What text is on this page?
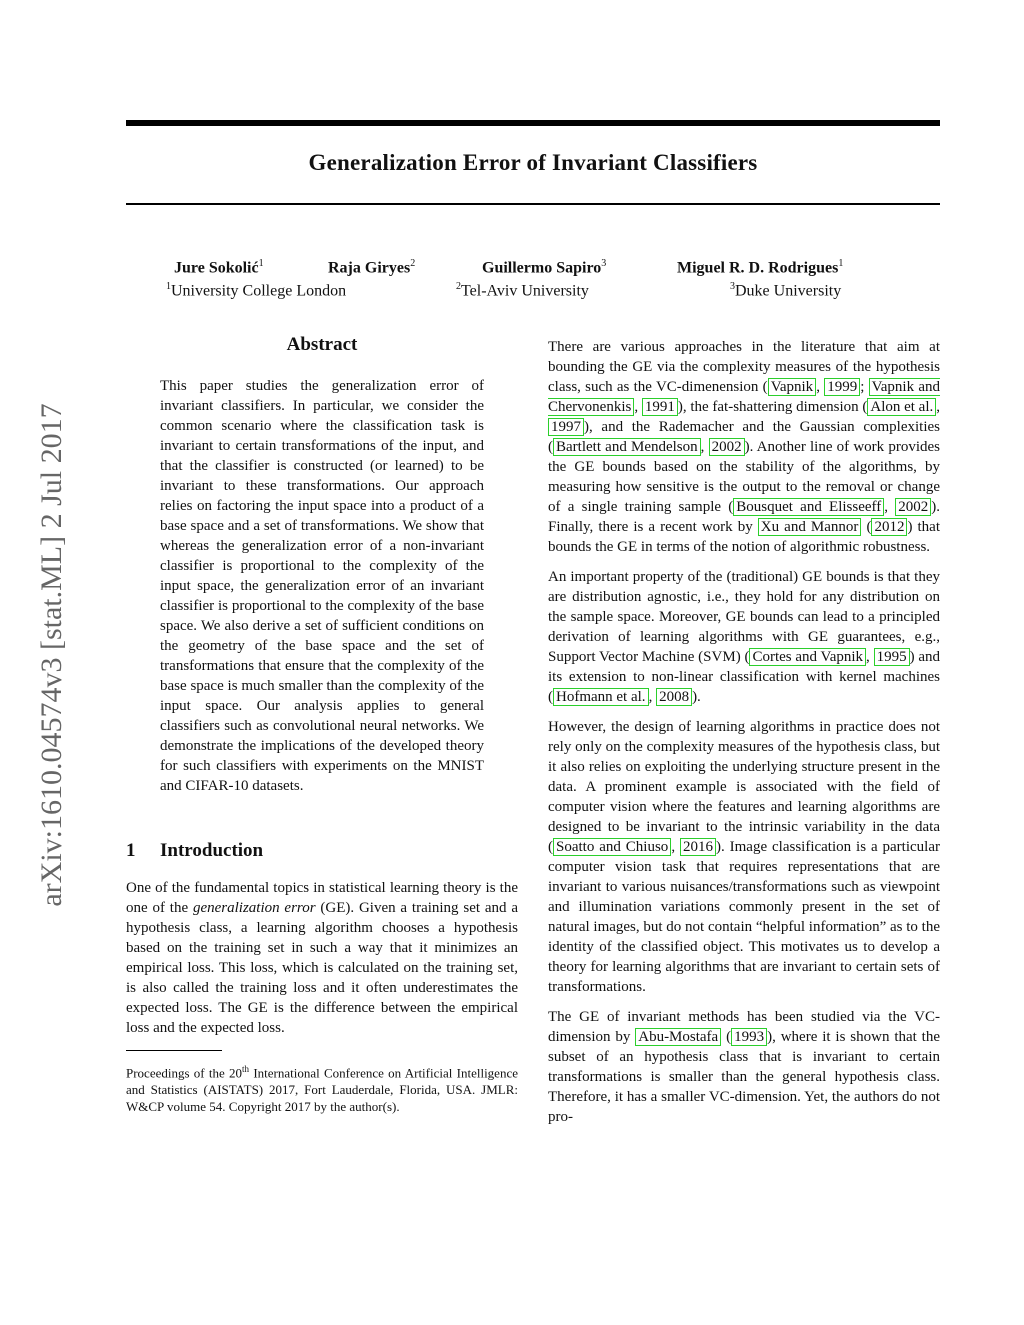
Generalization Error of Invariant Classifiers
arXiv:1610.04574v3 [stat.ML] 2 Jul 2017
Jure Sokolić$^1$	Raja Giryes$^2$	Guillermo Sapiro$^3$	Miguel R. D. Rodrigues$^1$
$^1$University College London	$^2$Tel-Aviv University	$^3$Duke University
Abstract
This paper studies the generalization error of invariant classifiers. In particular, we consider the common scenario where the classification task is invariant to certain transformations of the input, and that the classifier is constructed (or learned) to be invariant to these transformations. Our approach relies on factoring the input space into a product of a base space and a set of transformations. We show that whereas the generalization error of a non-invariant classifier is proportional to the complexity of the input space, the generalization error of an invariant classifier is proportional to the complexity of the base space. We also derive a set of sufficient conditions on the geometry of the base space and the set of transformations that ensure that the complexity of the base space is much smaller than the complexity of the input space. Our analysis applies to general classifiers such as convolutional neural networks. We demonstrate the implications of the developed theory for such classifiers with experiments on the MNIST and CIFAR-10 datasets.
1 Introduction

One of the fundamental topics in statistical learning theory is the one of the generalization error (GE). Given a training set and a hypothesis class, a learning algorithm chooses a hypothesis based on the training set in such a way that it minimizes an empirical loss. This loss, which is calculated on the training set, is also called the training loss and it often underestimates the expected loss. The GE is the difference between the empirical loss and the expected loss.

Proceedings of the 20th International Conference on Artificial Intelligence and Statistics (AISTATS) 2017, Fort Lauderdale, Florida, USA. JMLR: W&CP volume 54. Copyright 2017 by the author(s).

There are various approaches in the literature that aim at bounding the GE via the complexity measures of the hypothesis class, such as the VC-dimenension ( Vapnik , 1999 ; Vapnik and Chervonenkis , 1991 ), the fat-shattering dimension ( Alon et al. , 1997 ), and the Rademacher and the Gaussian complexities ( Bartlett and Mendelson , 2002 ). Another line of work provides the GE bounds based on the stability of the algorithms, by measuring how sensitive is the output to the removal or change of a single training sample ( Bousquet and Elisseeff , 2002 ). Finally, there is a recent work by Xu and Mannor ( 2012 ) that bounds the GE in terms of the notion of algorithmic robustness.

An important property of the (traditional) GE bounds is that they are distribution agnostic, i.e., they hold for any distribution on the sample space. Moreover, GE bounds can lead to a principled derivation of learning algorithms with GE guarantees, e.g., Support Vector Machine (SVM) ( Cortes and Vapnik , 1995 ) and its extension to non-linear classification with kernel machines ( Hofmann et al. , 2008 ).

However, the design of learning algorithms in practice does not rely only on the complexity measures of the hypothesis class, but it also relies on exploiting the underlying structure present in the data. A prominent example is associated with the field of computer vision where the features and learning algorithms are designed to be invariant to the intrinsic variability in the data ( Soatto and Chiuso , 2016 ). Image classification is a particular computer vision task that requires representations that are invariant to various nuisances/transformations such as viewpoint and illumination variations commonly present in the set of natural images, but do not contain “helpful information” as to the identity of the classified object. This motivates us to develop a theory for learning algorithms that are invariant to certain sets of transformations.

The GE of invariant methods has been studied via the VC-dimension by Abu-Mostafa ( 1993 ), where it is shown that the subset of an hypothesis class that is invariant to certain transformations is smaller than the general hypothesis class. Therefore, it has a smaller VC-dimension. Yet, the authors do not pro-
